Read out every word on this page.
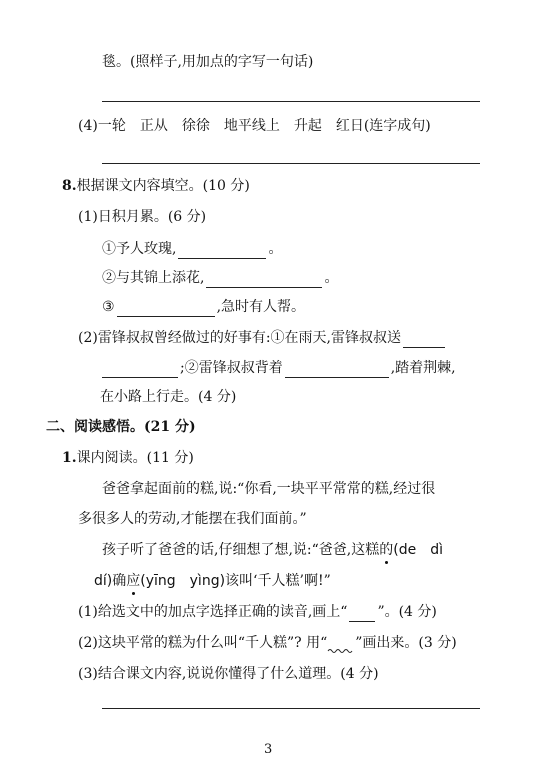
毯。(照样子,用加点的字写一句话)
(4)一轮　正从　徐徐　地平线上　升起　红日(连字成句)
8.根据课文内容填空。(10 分)
(1)日积月累。(6 分)
①予人玫瑰,	。
②与其锦上添花,	。
③	,急时有人帮。
(2)雷锋叔叔曾经做过的好事有:①在雨天,雷锋叔叔送
;②雷锋叔叔背着	,踏着荆棘,
在小路上行走。(4 分)
二、阅读感悟。(21 分)
1.课内阅读。(11 分)
爸爸拿起面前的糕,说:“你看,一块平平常常的糕,经过很
多很多人的劳动,才能摆在我们面前。”
孩子听了爸爸的话,仔细想了想,说:“爸爸,这糕的(de　dì
dí)确应(yīng　yìng)该叫‘千人糕’啊!”
(1)给选文中的加点字选择正确的读音,画上“ ”。(4 分)
(2)这块平常的糕为什么叫“千人糕”? 用“ ”画出来。(3 分)
(3)结合课文内容,说说你懂得了什么道理。(4 分)
3
